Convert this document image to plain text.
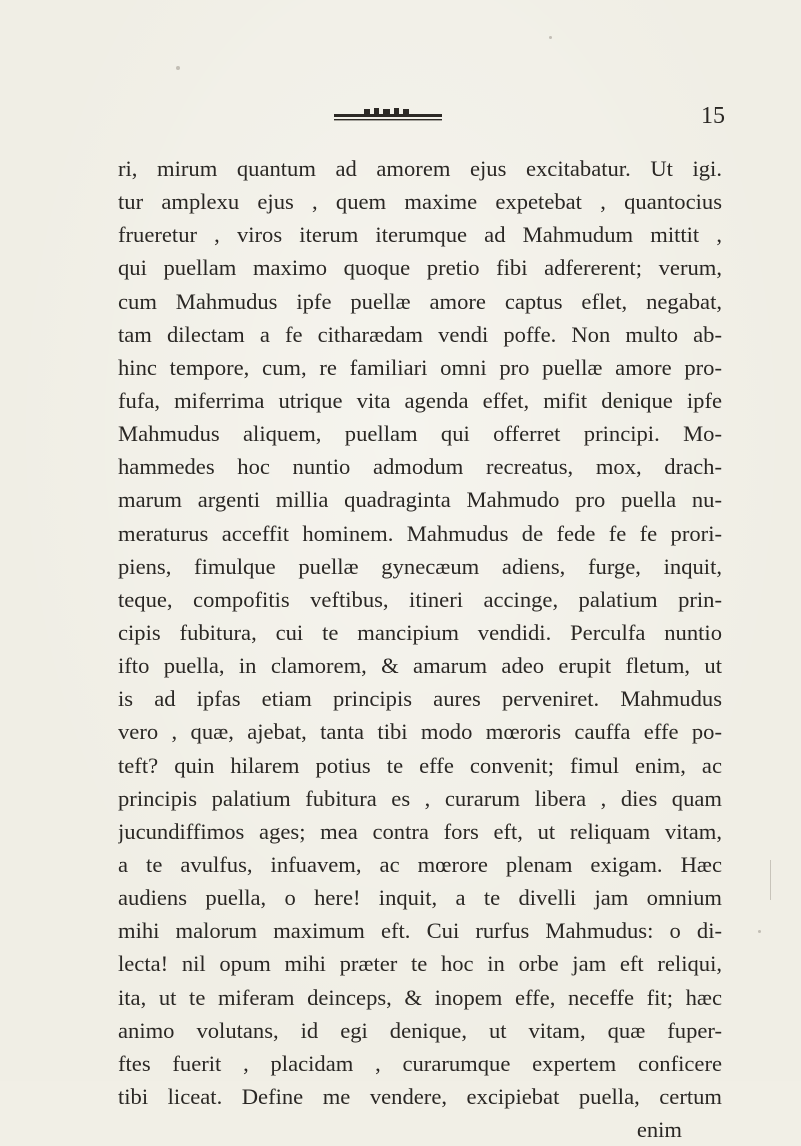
15
ri, mirum quantum ad amorem ejus excitabatur. Ut igi.
tur amplexu ejus , quem maxime expetebat , quantocius
frueretur , viros iterum iterumque ad Mahmudum mittit ,
qui puellam maximo quoque pretio fibi adfererent; verum,
cum Mahmudus ipfe puellæ amore captus eflet, negabat,
tam dilectam a fe citharædam vendi poffe. Non multo ab-
hinc tempore, cum, re familiari omni pro puellæ amore pro-
fufa, miferrima utrique vita agenda effet, mifit denique ipfe
Mahmudus aliquem, puellam qui offerret principi. Mo-
hammedes hoc nuntio admodum recreatus, mox, drach-
marum argenti millia quadraginta Mahmudo pro puella nu-
meraturus acceffit hominem. Mahmudus de fede fe fe prori-
piens, fimulque puellæ gynecæum adiens, furge, inquit,
teque, compofitis veftibus, itineri accinge, palatium prin-
cipis fubitura, cui te mancipium vendidi. Perculfa nuntio
ifto puella, in clamorem, & amarum adeo erupit fletum, ut
is ad ipfas etiam principis aures perveniret. Mahmudus
vero , quæ, ajebat, tanta tibi modo mœroris cauffa effe po-
teft? quin hilarem potius te effe convenit; fimul enim, ac
principis palatium fubitura es , curarum libera , dies quam
jucundiffimos ages; mea contra fors eft, ut reliquam vitam,
a te avulfus, infuavem, ac mœrore plenam exigam. Hæc
audiens puella, o here! inquit, a te divelli jam omnium
mihi malorum maximum eft. Cui rurfus Mahmudus: o di-
lecta! nil opum mihi præter te hoc in orbe jam eft reliqui,
ita, ut te miferam deinceps, & inopem effe, neceffe fit; hæc
animo volutans, id egi denique, ut vitam, quæ fuper-
ftes fuerit , placidam , curarumque expertem conficere
tibi liceat. Define me vendere, excipiebat puella, certum
enim
